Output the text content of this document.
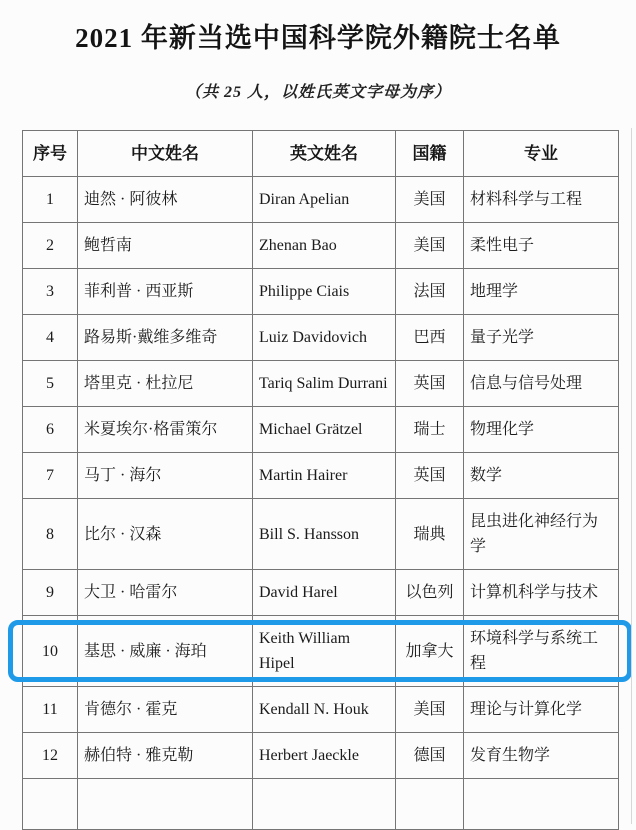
2021 年新当选中国科学院外籍院士名单
（共 25 人，以姓氏英文字母为序）
序号	中文姓名	英文姓名	国籍	专业
1	迪然 · 阿彼林	Diran Apelian	美国	材料科学与工程
2	鲍哲南	Zhenan Bao	美国	柔性电子
3	菲利普 · 西亚斯	Philippe Ciais	法国	地理学
4	路易斯·戴维多维奇	Luiz Davidovich	巴西	量子光学
5	塔里克 · 杜拉尼	Tariq Salim Durrani	英国	信息与信号处理
6	米夏埃尔·格雷策尔	Michael Grätzel	瑞士	物理化学
7	马丁 · 海尔	Martin Hairer	英国	数学
8	比尔 · 汉森	Bill S. Hansson	瑞典	昆虫进化神经行为学
9	大卫 · 哈雷尔	David Harel	以色列	计算机科学与技术
10	基思 · 威廉 · 海珀	Keith William Hipel	加拿大	环境科学与系统工程
11	肯德尔 · 霍克	Kendall N. Houk	美国	理论与计算化学
12	赫伯特 · 雅克勒	Herbert Jaeckle	德国	发育生物学
